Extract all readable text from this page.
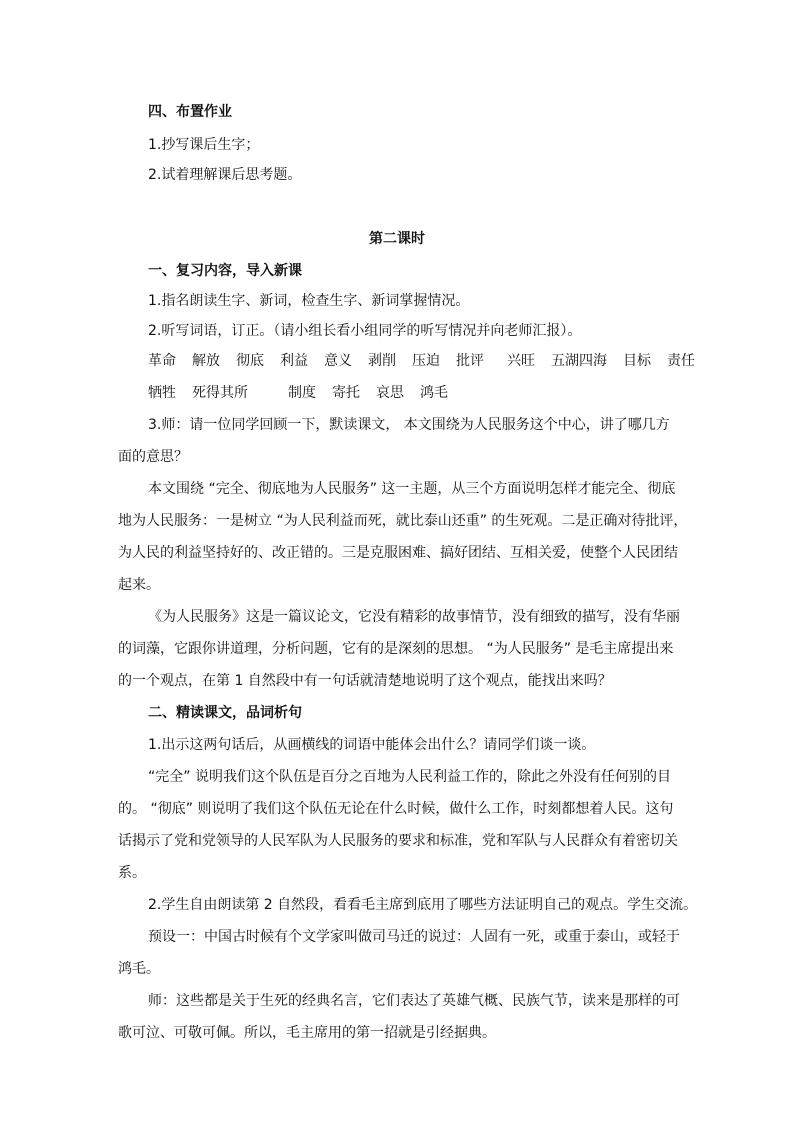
四、布置作业
1.抄写课后生字；
2.试着理解课后思考题。
第二课时
一、复习内容，导入新课
1.指名朗读生字、新词，检查生字、新词掌握情况。
2.听写词语，订正。（请小组长看小组同学的听写情况并向老师汇报）。
革命 解放 彻底 利益 意义 剥削 压迫 批评 兴旺 五湖四海 目标 责任
牺牲 死得其所	制度 寄托 哀思 鸿毛
3.师：请一位同学回顾一下，默读课文， 本文围绕为人民服务这个中心，讲了哪几方
面的意思？
本文围绕 “完全、彻底地为人民服务” 这一主题，从三个方面说明怎样才能完全、彻底
地为人民服务：一是树立 “为人民利益而死，就比泰山还重” 的生死观。二是正确对待批评，
为人民的利益坚持好的、改正错的。三是克服困难、搞好团结、互相关爱，使整个人民团结
起来。
《为人民服务》这是一篇议论文，它没有精彩的故事情节，没有细致的描写，没有华丽
的词藻，它跟你讲道理，分析问题，它有的是深刻的思想。 “为人民服务” 是毛主席提出来
的一个观点，在第 1 自然段中有一句话就清楚地说明了这个观点，能找出来吗？
二、精读课文，品词析句
1.出示这两句话后，从画横线的词语中能体会出什么？请同学们谈一谈。
“完全” 说明我们这个队伍是百分之百地为人民利益工作的，除此之外没有任何别的目
的。 “彻底” 则说明了我们这个队伍无论在什么时候，做什么工作，时刻都想着人民。这句
话揭示了党和党领导的人民军队为人民服务的要求和标准，党和军队与人民群众有着密切关
系。
2.学生自由朗读第 2 自然段，看看毛主席到底用了哪些方法证明自己的观点。学生交流。
预设一：中国古时候有个文学家叫做司马迁的说过：人固有一死，或重于泰山，或轻于
鸿毛。
师：这些都是关于生死的经典名言，它们表达了英雄气概、民族气节，读来是那样的可
歌可泣、可敬可佩。所以，毛主席用的第一招就是引经据典。
